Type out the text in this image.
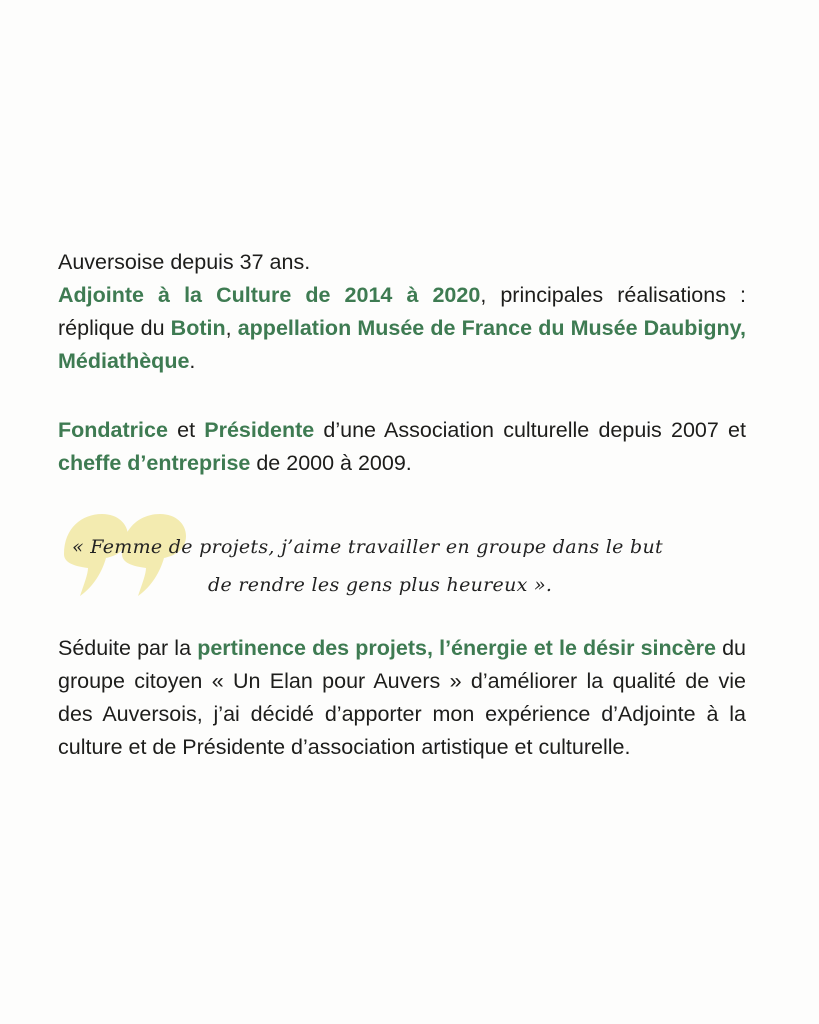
Auversoise depuis 37 ans.
Adjointe à la Culture de 2014 à 2020, principales réalisations : réplique du Botin, appellation Musée de France du Musée Daubigny, Médiathèque.

Fondatrice et Présidente d’une Association culturelle depuis 2007 et cheffe d’entreprise de 2000 à 2009.

« Femme de projets, j’aime travailler en groupe dans le but
de rendre les gens plus heureux ».

Séduite par la pertinence des projets, l’énergie et le désir sincère du groupe citoyen « Un Elan pour Auvers » d’améliorer la qualité de vie des Auversois, j’ai décidé d’apporter mon expérience d’Adjointe à la culture et de Présidente d’association artistique et culturelle.
